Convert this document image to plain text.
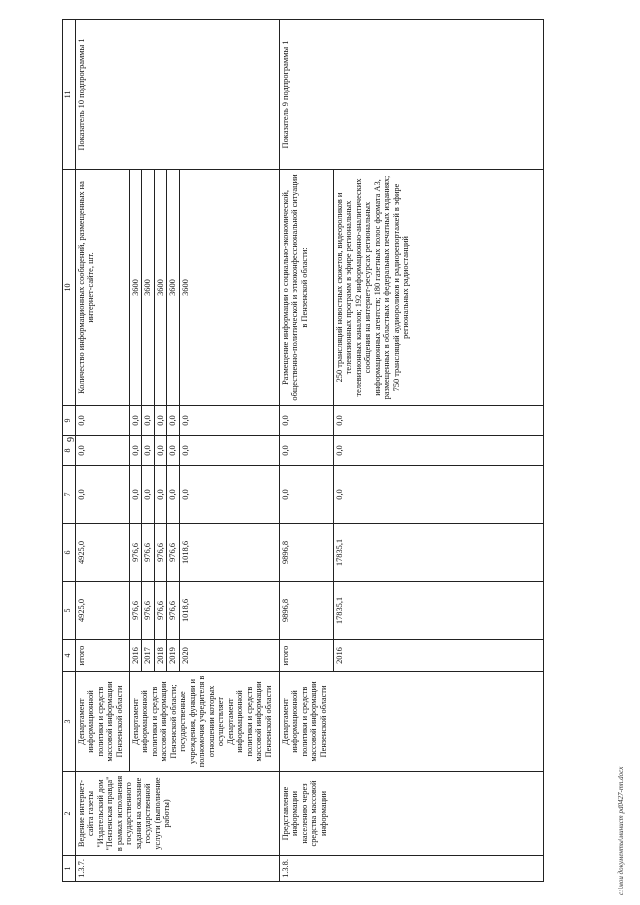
9
1	2	3	4	5	6	7	8	9	10	11
1.3.7.	Ведение интернет-сайта газеты "Издательский дом "Пензенская правда" в рамках исполнения государственного задания на оказание государственной услуги (выполнение работы)	Департамент информационной политики и средств массовой информации Пензенской области	итого	4925,0	4925,0	0,0	0,0	0,0	Количество информационных сообщений, размещенных на интернет-сайте, шт.	Показатель 10 подпрограммы 1
		Департамент информационной политики и средств массовой информации Пензенской области; государственные учреждения, функции и полномочия учредителя в отношении которых осуществляет Департамент информационной политики и средств массовой информации Пензенской области	2016	976,6	976,6	0,0	0,0	0,0	3600	
			2017	976,6	976,6	0,0	0,0	0,0	3600	
			2018	976,6	976,6	0,0	0,0	0,0	3600	
			2019	976,6	976,6	0,0	0,0	0,0	3600	
			2020	1018,6	1018,6	0,0	0,0	0,0	3600	
1.3.8.	Представление информации населению через средства массовой информации	Департамент информационной политики и средств массовой информации Пензенской области	итого	9896,8	9896,8	0,0	0,0	0,0	Размещение информации о социально-экономической, общественно-политической и этноконфессиональной ситуации в Пензенской области:	Показатель 9 подпрограммы 1
			2016	17835,1	17835,1	0,0	0,0	0,0	250 трансляций новостных сюжетов, видеороликов и телевизионных программ в эфире региональных телевизионных каналов; 192 информационно-аналитических сообщения на интернет-ресурсах региональных информационных агентств; 180 газетных полос формата А3, размещенных в областных и федеральных печатных изданиях; 750 трансляций аудиороликов и радиорепортажей в эфире региональных радиостанций	
c:\мои документы\минист pd0427-mn.docx
